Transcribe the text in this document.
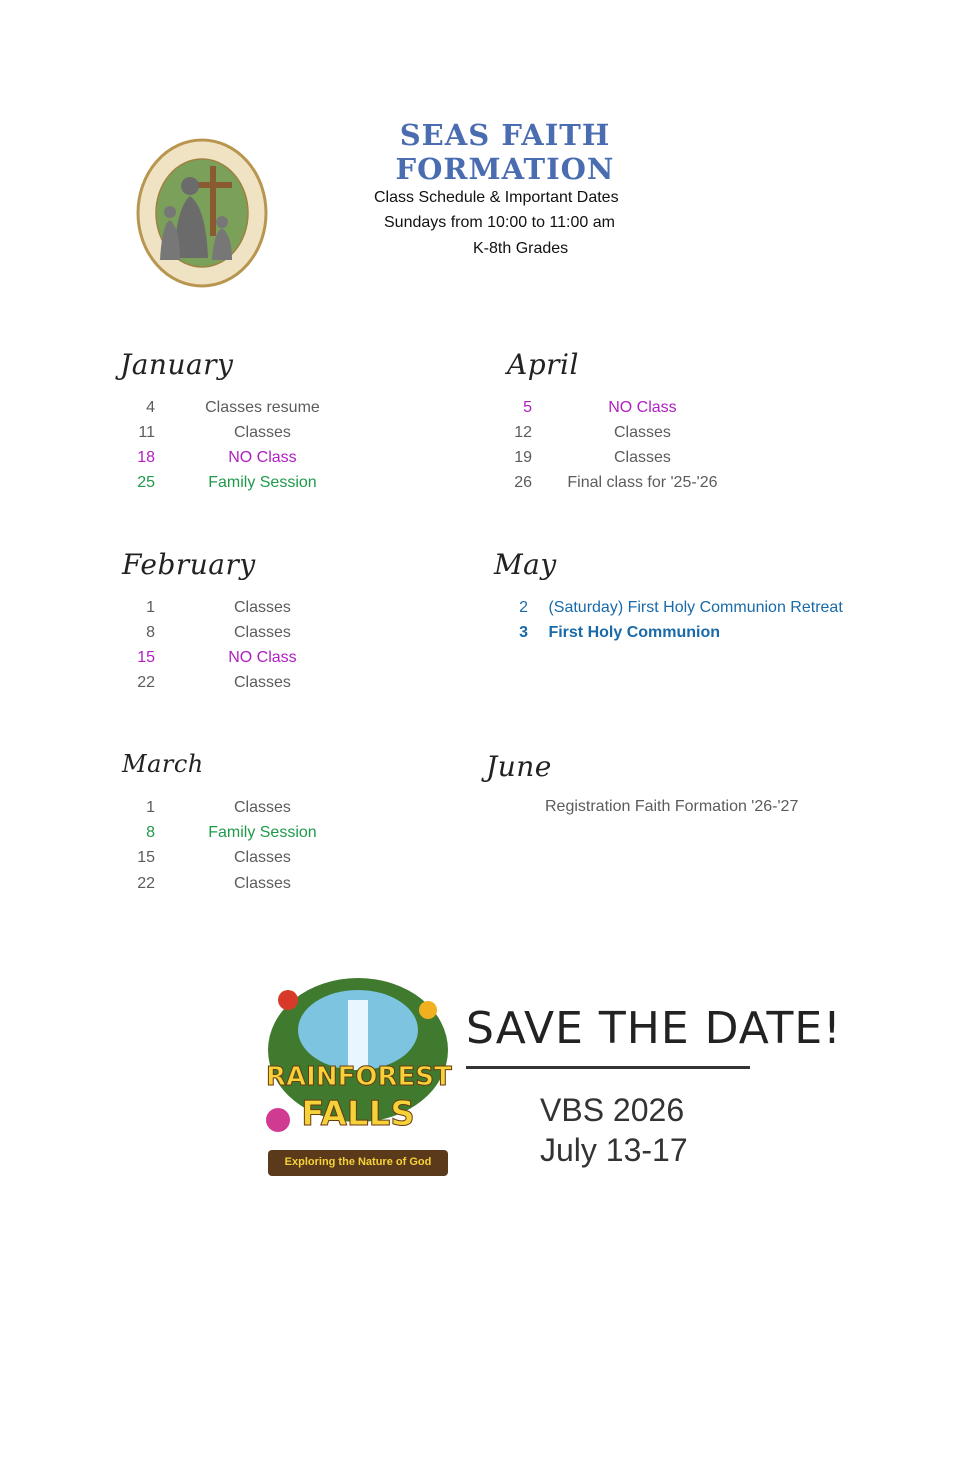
SEAS FAITH FORMATION
Class Schedule & Important Dates
Sundays from 10:00 to 11:00 am
K-8th Grades
January
4	Classes resume
11	Classes
18	NO Class
25	Family Session
February
1	Classes
8	Classes
15	NO Class
22	Classes
March
1	Classes
8	Family Session
15	Classes
22	Classes
April
5	NO Class
12	Classes
19	Classes
26 Final class for '25-'26
May
2 (Saturday) First Holy Communion Retreat
3 First Holy Communion
June
Registration Faith Formation '26-'27
RAINFOREST
FALLS
Exploring the Nature of God
SAVE THE DATE!
VBS 2026
July 13-17
